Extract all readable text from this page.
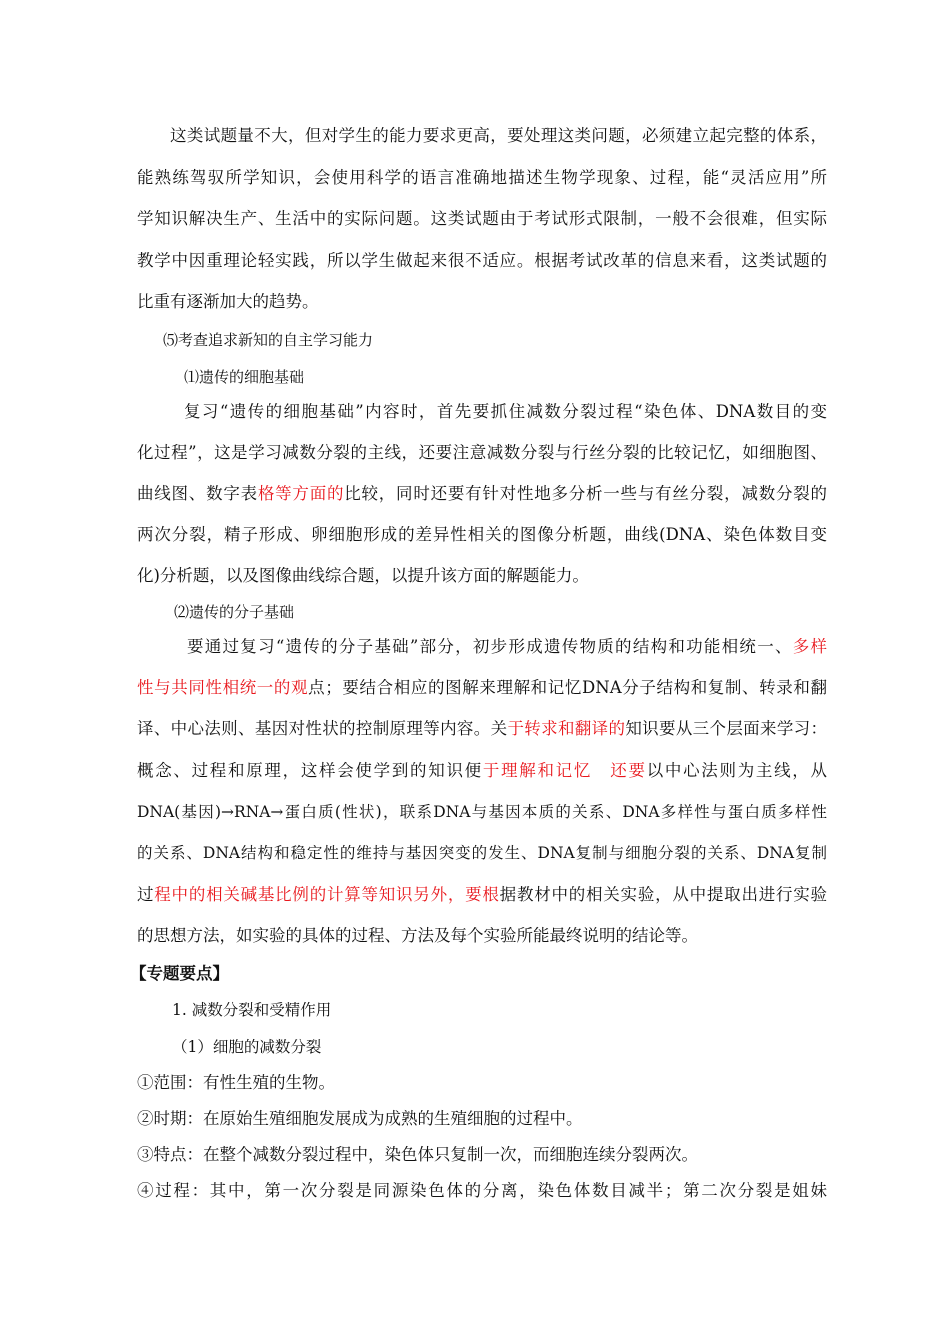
这类试题量不大，但对学生的能力要求更高，要处理这类问题，必须建立起完整的体系，
能熟练驾驭所学知识，会使用科学的语言准确地描述生物学现象、过程，能“灵活应用”所
学知识解决生产、生活中的实际问题。这类试题由于考试形式限制，一般不会很难，但实际
教学中因重理论轻实践，所以学生做起来很不适应。根据考试改革的信息来看，这类试题的
比重有逐渐加大的趋势。
⑸考查追求新知的自主学习能力
⑴遗传的细胞基础
复习“遗传的细胞基础”内容时，首先要抓住减数分裂过程“染色体、DNA数目的变
化过程”，这是学习减数分裂的主线，还要注意减数分裂与行丝分裂的比较记忆，如细胞图、
曲线图、数字表格等方面的比较，同时还要有针对性地多分析一些与有丝分裂，减数分裂的
两次分裂，精子形成、卵细胞形成的差异性相关的图像分析题，曲线(DNA、染色体数目变
化)分析题，以及图像曲线综合题，以提升该方面的解题能力。
⑵遗传的分子基础
要通过复习“遗传的分子基础”部分，初步形成遗传物质的结构和功能相统一、多样
性与共同性相统一的观点；要结合相应的图解来理解和记忆DNA分子结构和复制、转录和翻
译、中心法则、基因对性状的控制原理等内容。关于转求和翻译的知识要从三个层面来学习：
概念、过程和原理，这样会使学到的知识便于理解和记忆　还要以中心法则为主线，从
DNA(基因)→RNA→蛋白质(性状)，联系DNA与基因本质的关系、DNA多样性与蛋白质多样性
的关系、DNA结构和稳定性的维持与基因突变的发生、DNA复制与细胞分裂的关系、DNA复制
过程中的相关碱基比例的计算等知识另外，要根据教材中的相关实验，从中提取出进行实验
的思想方法，如实验的具体的过程、方法及每个实验所能最终说明的结论等。
【专题要点】
1. 减数分裂和受精作用
（1）细胞的减数分裂
①范围：有性生殖的生物。
②时期：在原始生殖细胞发展成为成熟的生殖细胞的过程中。
③特点：在整个减数分裂过程中，染色体只复制一次，而细胞连续分裂两次。
④过程：其中，第一次分裂是同源染色体的分离，染色体数目减半；第二次分裂是姐妹
